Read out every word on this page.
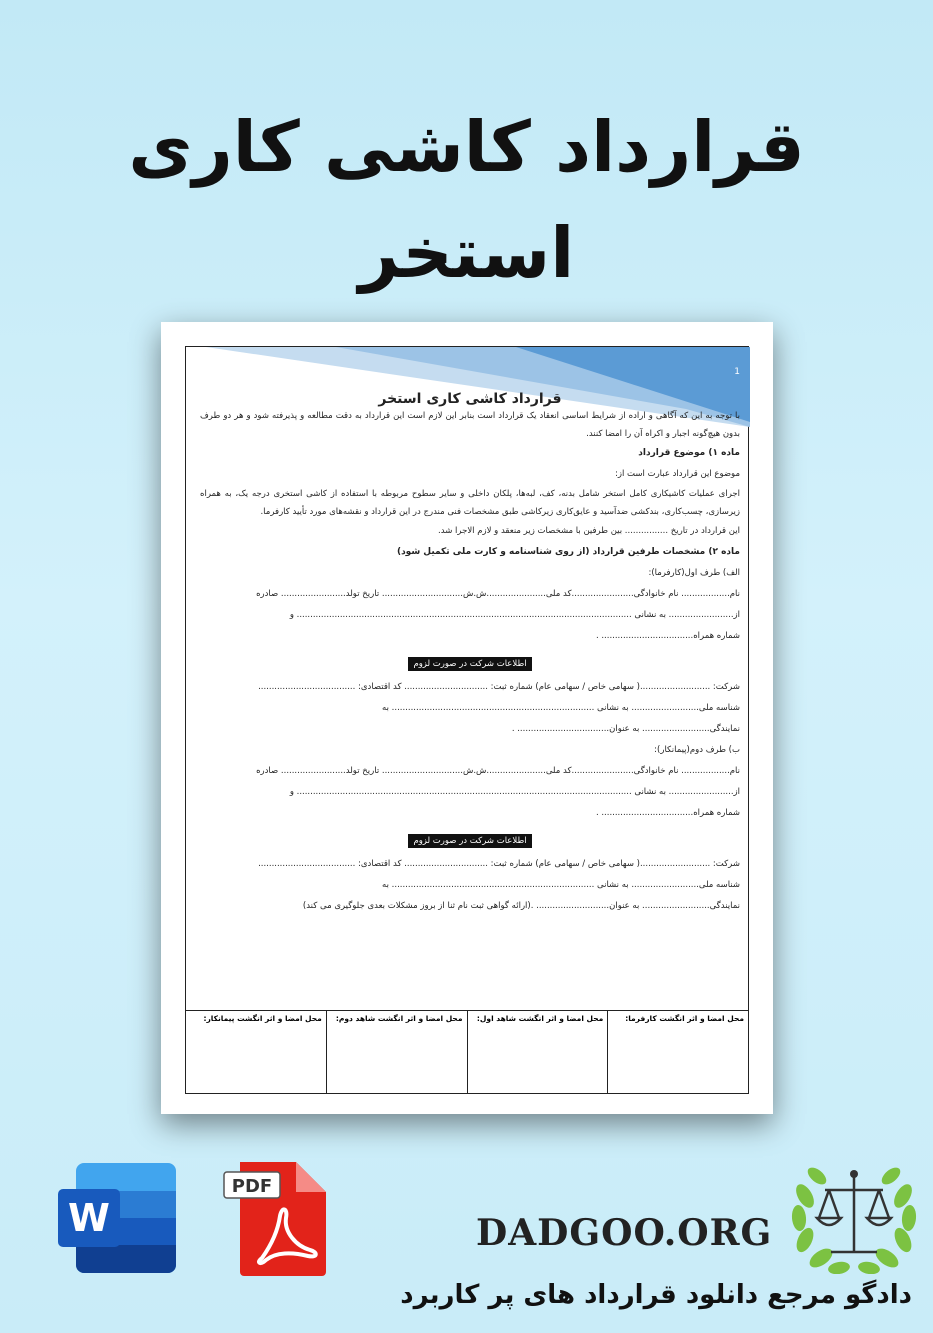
قرارداد کاشی کاری
استخر
1

قرارداد کاشی کاری استخر

با توجه به این که آگاهی و اراده از شرایط اساسی انعقاد یک قرارداد است بنابر این لازم است این قرارداد به دقت مطالعه و پذیرفته شود و هر دو طرف بدون هیچ‌گونه اجبار و اکراه آن را امضا کنند.

ماده ۱) موضوع قرارداد

موضوع این قرارداد عبارت است از:

اجرای عملیات کاشیکاری کامل استخر شامل بدنه، کف، لبه‌ها، پلکان داخلی و سایر سطوح مربوطه با استفاده از کاشی استخری درجه یک، به همراه زیرسازی، چسب‌کاری، بندکشی ضدآسید و عایق‌کاری زیرکاشی طبق مشخصات فنی مندرج در این قرارداد و نقشه‌های مورد تأیید کارفرما.

این قرارداد در تاریخ ................ بین طرفین با مشخصات زیر منعقد و لازم الاجرا شد.

ماده ۲) مشخصات طرفین قرارداد (از روی شناسنامه و کارت ملی تکمیل شود)

الف) طرف اول(کارفرما):

نام.................. نام خانوادگی.......................کد ملی......................ش.ش.............................. تاریخ تولد........................ صادره

از........................ به نشانی ............................................................................................................................ و

شماره همراه.................................. .

اطلاعات شرکت در صورت لزوم

شرکت: ..........................( سهامی خاص / سهامی عام) شماره ثبت: ............................... کد اقتصادی: ....................................

شناسه ملی......................... به نشانی ........................................................................... به

نمایندگی......................... به عنوان.................................. .

ب) طرف دوم(پیمانکار):

نام.................. نام خانوادگی.......................کد ملی......................ش.ش.............................. تاریخ تولد........................ صادره

از........................ به نشانی ............................................................................................................................ و

شماره همراه.................................. .

اطلاعات شرکت در صورت لزوم

شرکت: ..........................( سهامی خاص / سهامی عام) شماره ثبت: ............................... کد اقتصادی: ....................................

شناسه ملی......................... به نشانی ........................................................................... به

نمایندگی......................... به عنوان........................... .(ارائه گواهی ثبت نام ثنا از بروز مشکلات بعدی جلوگیری می کند)

محل امضا و اثر انگشت کارفرما:
محل امضا و اثر انگشت شاهد اول:
محل امضا و اثر انگشت شاهد دوم:
محل امضا و اثر انگشت پیمانکار:
W
PDF
DADGOO.ORG
دادگو مرجع دانلود قرارداد های پر کاربرد
